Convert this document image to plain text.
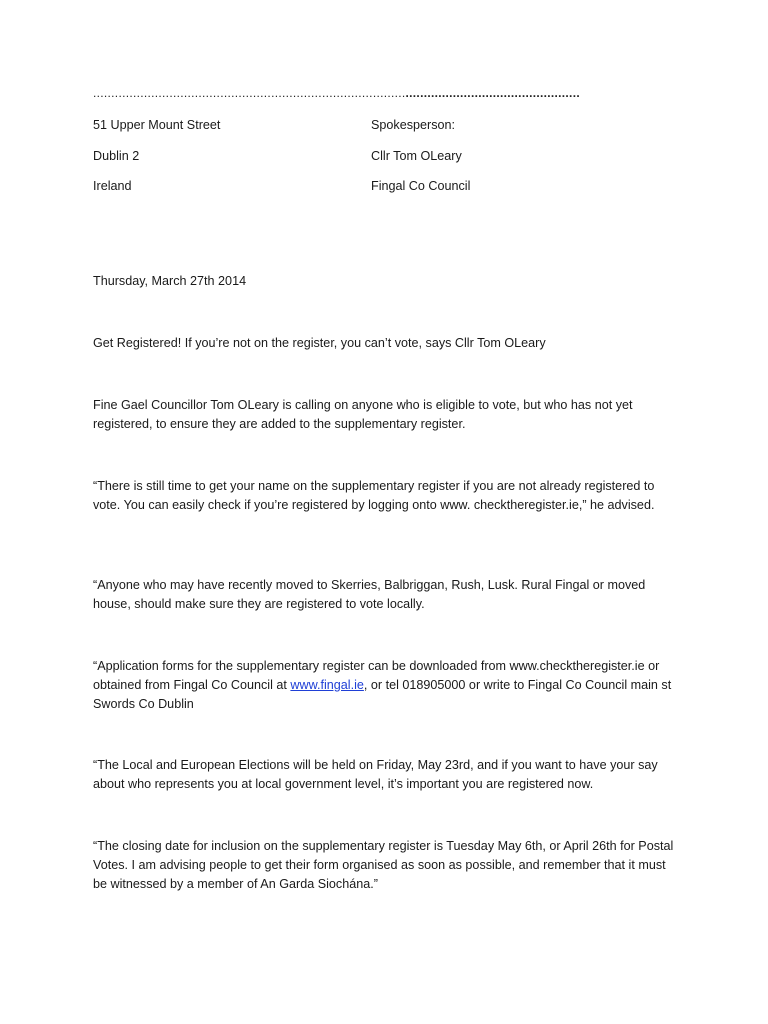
......................................................................................................................................
51 Upper Mount Street
Dublin 2
Ireland
Spokesperson:
Cllr Tom OLeary
Fingal Co Council
Thursday, March 27th 2014
Get Registered! If you’re not on the register, you can’t vote, says Cllr Tom OLeary

Fine Gael Councillor Tom OLeary is calling on anyone who is eligible to vote, but who has not yet registered, to ensure they are added to the supplementary register.

“There is still time to get your name on the supplementary register if you are not already registered to vote. You can easily check if you’re registered by logging onto www. checktheregister.ie,” he advised.

“Anyone who may have recently moved to Skerries, Balbriggan, Rush, Lusk. Rural Fingal or moved house, should make sure they are registered to vote locally.

“Application forms for the supplementary register can be downloaded from www.checktheregister.ie or obtained from Fingal Co Council at www.fingal.ie, or tel 018905000 or write to Fingal Co Council main st Swords Co Dublin

“The Local and European Elections will be held on Friday, May 23rd, and if you want to have your say about who represents you at local government level, it’s important you are registered now.

“The closing date for inclusion on the supplementary register is Tuesday May 6th, or April 26th for Postal Votes. I am advising people to get their form organised as soon as possible, and remember that it must be witnessed by a member of An Garda Siochána.”
